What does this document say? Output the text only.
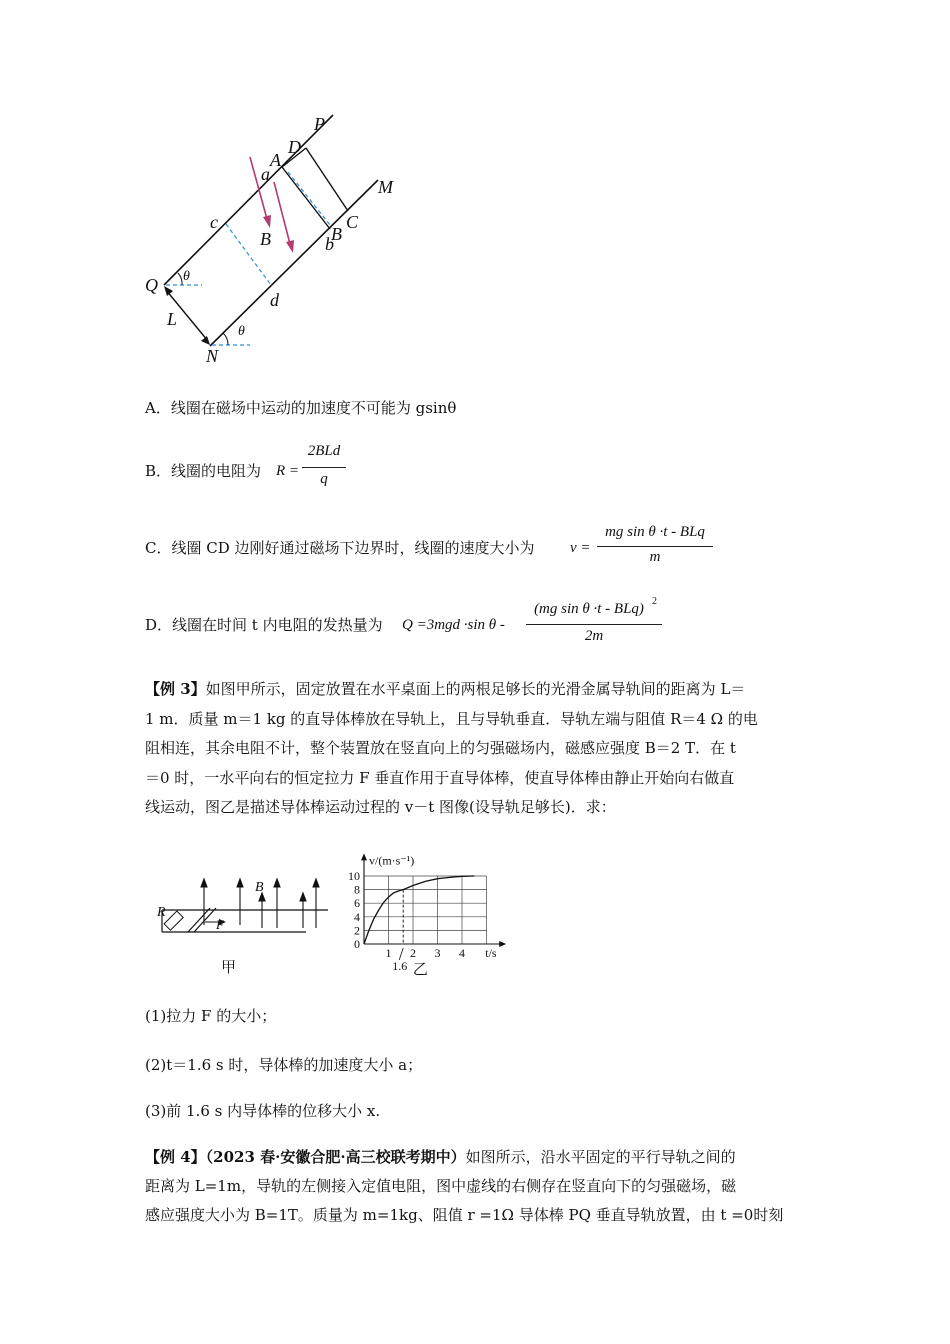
P
D
A
a
M
c
B
C
B
b
Q θ
L
d
θ
N
A．线圈在磁场中运动的加速度不可能为 gsinθ
B．线圈的电阻为 R =
2BLd
q
C．线圈 CD 边刚好通过磁场下边界时，线圈的速度大小为 v =
mg sin θ ·t - BLq
m
D．线圈在时间 t 内电阻的发热量为 Q =3mgd ·sin θ -
(mg sin θ ·t - BLq) 2
2m
【例 3】如图甲所示，固定放置在水平桌面上的两根足够长的光滑金属导轨间的距离为 L＝
1 m．质量 m＝1 kg 的直导体棒放在导轨上，且与导轨垂直．导轨左端与阻值 R＝4 Ω 的电
阻相连，其余电阻不计，整个装置放在竖直向上的匀强磁场内，磁感应强度 B＝2 T．在 t
＝0 时，一水平向右的恒定拉力 F 垂直作用于直导体棒，使直导体棒由静止开始向右做直
线运动，图乙是描述导体棒运动过程的 v－t 图像(设导轨足够长)．求：
R
F
B
甲
0
2
4
6
8
10
1 2 3 4
v/(m·s⁻¹)
t/s
1.6 乙
(1)拉力 F 的大小；
(2)t＝1.6 s 时，导体棒的加速度大小 a；
(3)前 1.6 s 内导体棒的位移大小 x.
【例 4】（2023 春·安徽合肥·高三校联考期中）如图所示，沿水平固定的平行导轨之间的
距离为 L=1m，导轨的左侧接入定值电阻，图中虚线的右侧存在竖直向下的匀强磁场，磁
感应强度大小为 B=1T。质量为 m=1kg、阻值 r =1Ω 导体棒 PQ 垂直导轨放置，由 t =0时刻
